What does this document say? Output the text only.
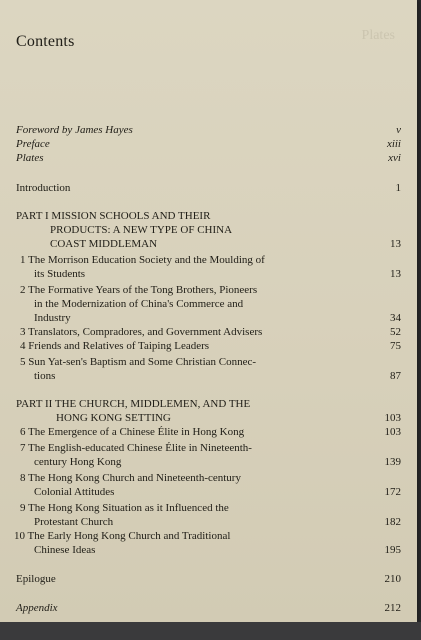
Plates
Contents
Foreword by James Hayes	v
Preface	xiii
Plates	xvi
Introduction	1
PART I MISSION SCHOOLS AND THEIR
PRODUCTS: A NEW TYPE OF CHINA
COAST MIDDLEMAN	13
1 The Morrison Education Society and the Moulding of
its Students	13
2 The Formative Years of the Tong Brothers, Pioneers
in the Modernization of China's Commerce and
Industry	34
3 Translators, Compradores, and Government Advisers	52
4 Friends and Relatives of Taiping Leaders	75
5 Sun Yat-sen's Baptism and Some Christian Connec-
tions	87
PART II THE CHURCH, MIDDLEMEN, AND THE
HONG KONG SETTING	103
6 The Emergence of a Chinese Élite in Hong Kong	103
7 The English-educated Chinese Élite in Nineteenth-
century Hong Kong	139
8 The Hong Kong Church and Nineteenth-century
Colonial Attitudes	172
9 The Hong Kong Situation as it Influenced the
Protestant Church	182
10 The Early Hong Kong Church and Traditional
Chinese Ideas	195
Epilogue	210
Appendix	212
